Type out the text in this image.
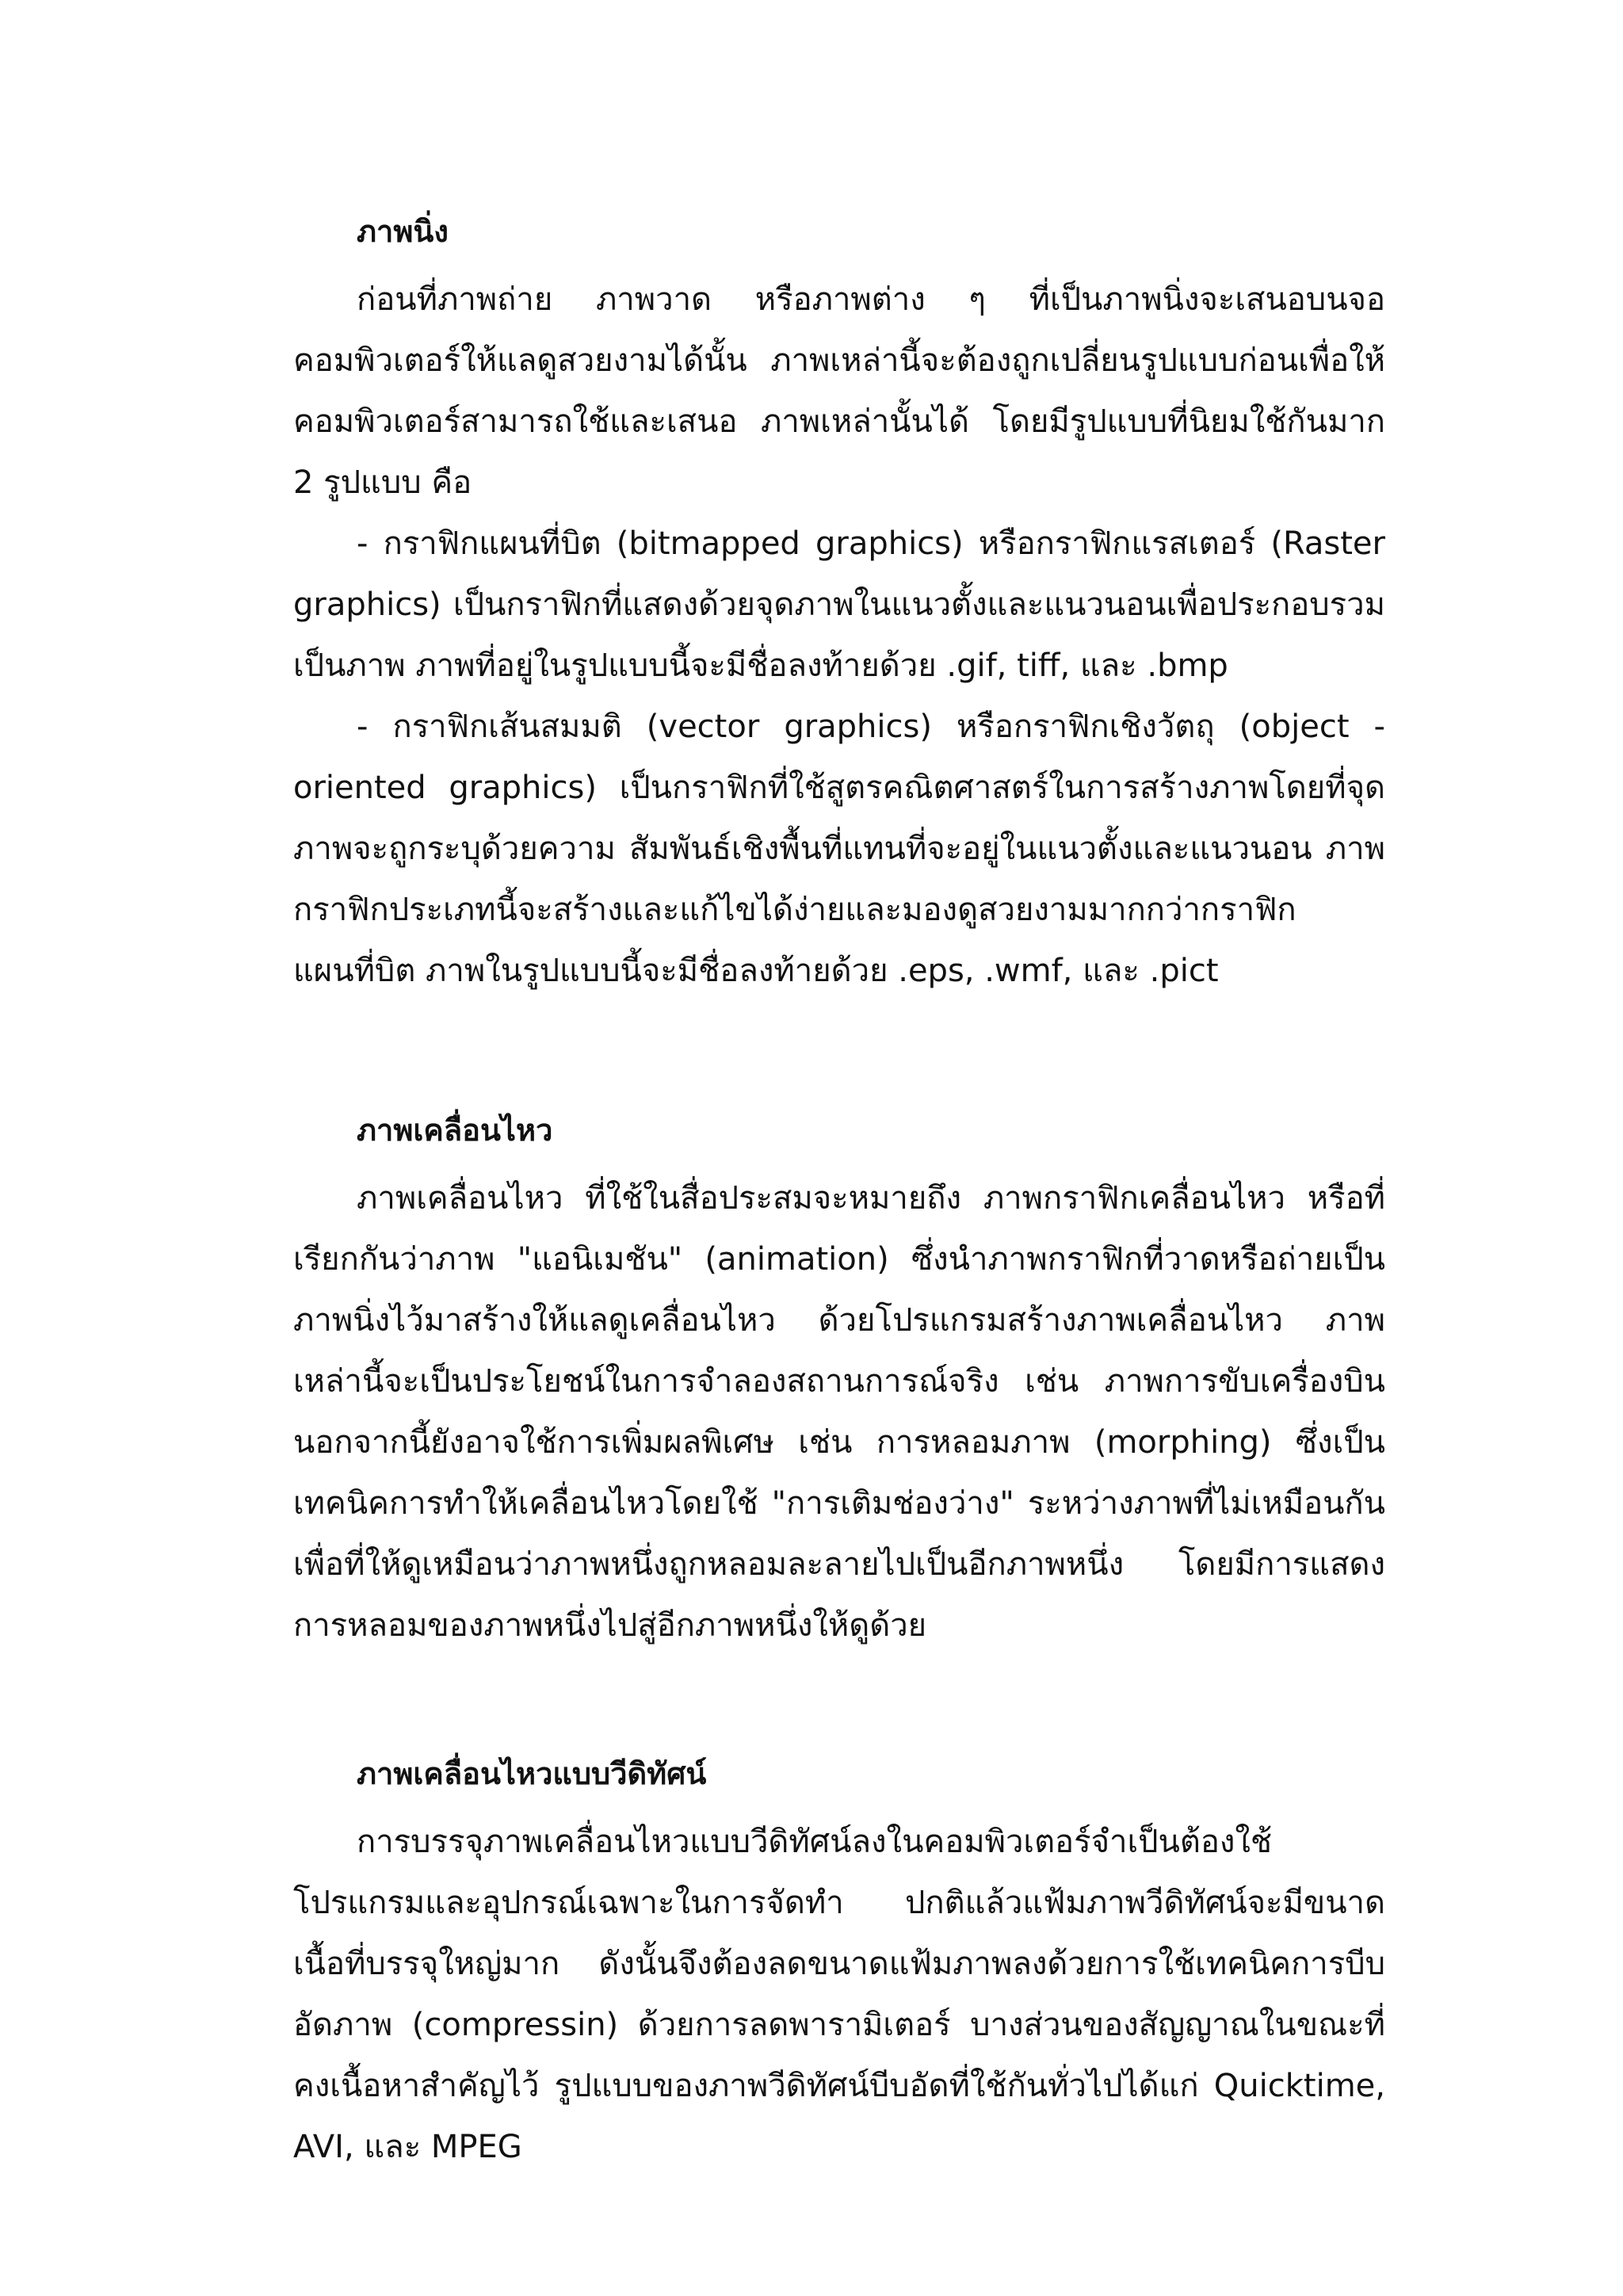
ภาพนิ่ง

ก่อนที่ภาพถ่าย ภาพวาด หรือภาพต่าง ๆ ที่เป็นภาพนิ่งจะเสนอบนจอคอมพิวเตอร์ให้แลดูสวยงามได้นั้น ภาพเหล่านี้จะต้องถูกเปลี่ยนรูปแบบก่อนเพื่อให้คอมพิวเตอร์สามารถใช้และเสนอ ภาพเหล่านั้นได้ โดยมีรูปแบบที่นิยมใช้กันมาก 2 รูปแบบ คือ

- กราฟิกแผนที่บิต (bitmapped graphics) หรือกราฟิกแรสเตอร์ (Raster graphics) เป็นกราฟิกที่แสดงด้วยจุดภาพในแนวตั้งและแนวนอนเพื่อประกอบรวมเป็นภาพ ภาพที่อยู่ในรูปแบบนี้จะมีชื่อลงท้ายด้วย .gif, tiff, และ .bmp

- กราฟิกเส้นสมมติ (vector graphics) หรือกราฟิกเชิงวัตถุ (object - oriented graphics) เป็นกราฟิกที่ใช้สูตรคณิตศาสตร์ในการสร้างภาพโดยที่จุดภาพจะถูกระบุด้วยความ สัมพันธ์เชิงพื้นที่แทนที่จะอยู่ในแนวตั้งและแนวนอน ภาพกราฟิกประเภทนี้จะสร้างและแก้ไขได้ง่ายและมองดูสวยงามมากกว่ากราฟิก แผนที่บิต ภาพในรูปแบบนี้จะมีชื่อลงท้ายด้วย .eps, .wmf, และ .pict

ภาพเคลื่อนไหว

ภาพเคลื่อนไหว ที่ใช้ในสื่อประสมจะหมายถึง ภาพกราฟิกเคลื่อนไหว หรือที่เรียกกันว่าภาพ "แอนิเมชัน" (animation) ซึ่งนำภาพกราฟิกที่วาดหรือถ่ายเป็นภาพนิ่งไว้มาสร้างให้แลดูเคลื่อนไหว ด้วยโปรแกรมสร้างภาพเคลื่อนไหว ภาพเหล่านี้จะเป็นประโยชน์ในการจำลองสถานการณ์จริง เช่น ภาพการขับเครื่องบิน นอกจากนี้ยังอาจใช้การเพิ่มผลพิเศษ เช่น การหลอมภาพ (morphing) ซึ่งเป็นเทคนิคการทำให้เคลื่อนไหวโดยใช้ "การเติมช่องว่าง" ระหว่างภาพที่ไม่เหมือนกัน เพื่อที่ให้ดูเหมือนว่าภาพหนึ่งถูกหลอมละลายไปเป็นอีกภาพหนึ่ง โดยมีการแสดงการหลอมของภาพหนึ่งไปสู่อีกภาพหนึ่งให้ดูด้วย

ภาพเคลื่อนไหวแบบวีดิทัศน์

การบรรจุภาพเคลื่อนไหวแบบวีดิทัศน์ลงในคอมพิวเตอร์จำเป็นต้องใช้ โปรแกรมและอุปกรณ์เฉพาะในการจัดทำ ปกติแล้วแฟ้มภาพวีดิทัศน์จะมีขนาดเนื้อที่บรรจุใหญ่มาก ดังนั้นจึงต้องลดขนาดแฟ้มภาพลงด้วยการใช้เทคนิคการบีบอัดภาพ (compressin) ด้วยการลดพารามิเตอร์ บางส่วนของสัญญาณในขณะที่คงเนื้อหาสำคัญไว้ รูปแบบของภาพวีดิทัศน์บีบอัดที่ใช้กันทั่วไปได้แก่ Quicktime, AVI, และ MPEG
